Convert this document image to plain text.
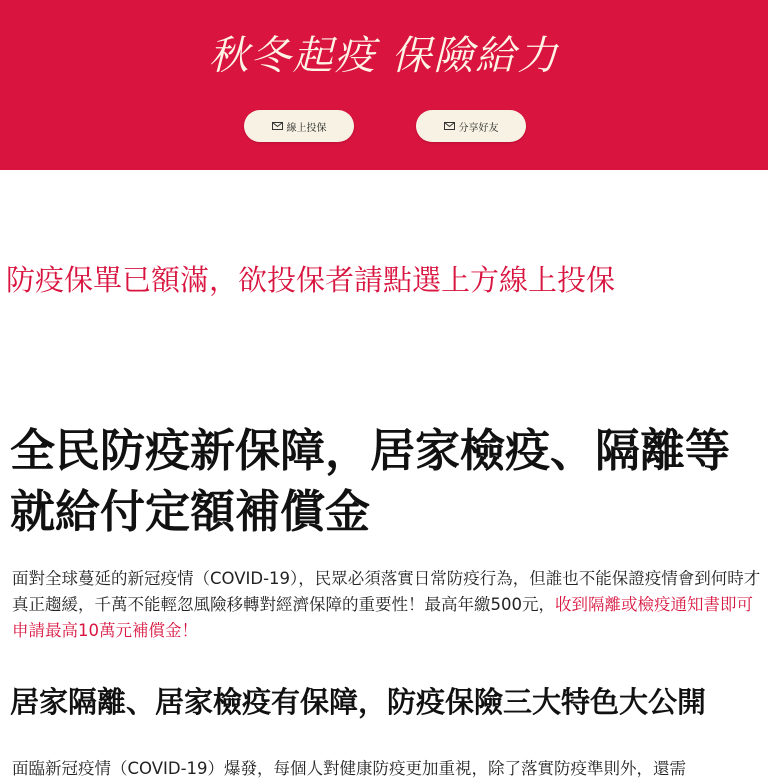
秋冬起疫 保險給力
線上投保	分享好友
防疫保單已額滿，欲投保者請點選上方線上投保
全民防疫新保障，居家檢疫、隔離等就給付定額補償金

面對全球蔓延的新冠疫情（COVID-19），民眾必須落實日常防疫行為，但誰也不能保證疫情會到何時才真正趨緩，千萬不能輕忽風險移轉對經濟保障的重要性！最高年繳500元，收到隔離或檢疫通知書即可申請最高10萬元補償金！

居家隔離、居家檢疫有保障，防疫保險三大特色大公開

面臨新冠疫情（COVID-19）爆發，每個人對健康防疫更加重視，除了落實防疫準則外，還需
